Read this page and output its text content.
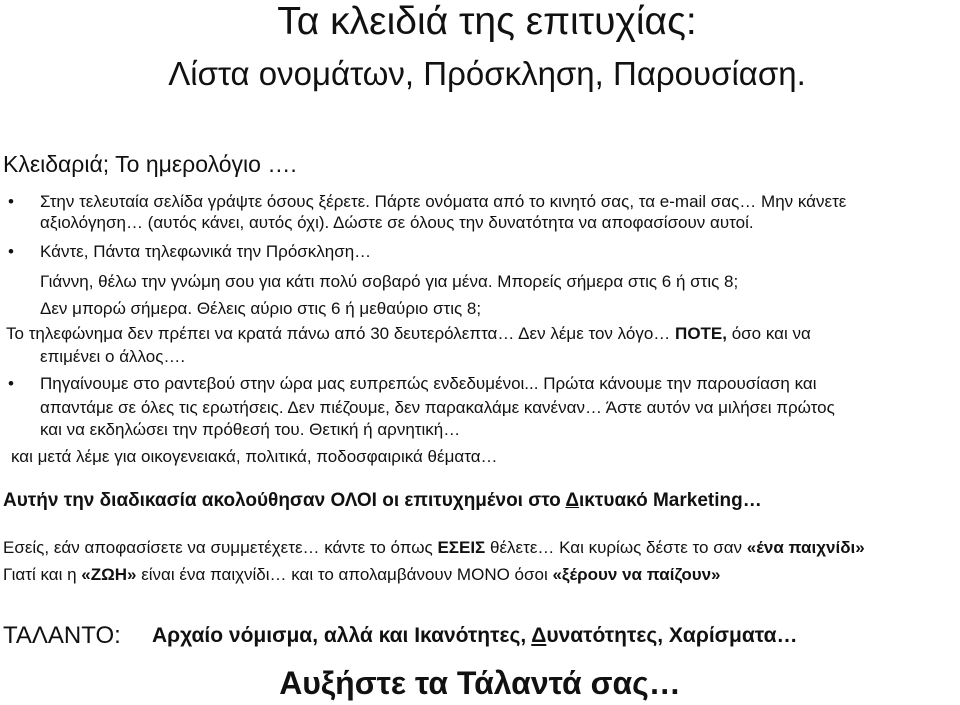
Τα κλειδιά της επιτυχίας:
Λίστα ονομάτων, Πρόσκληση, Παρουσίαση.
Κλειδαριά; Το ημερολόγιο ….
• Στην τελευταία σελίδα γράψτε όσους ξέρετε. Πάρτε ονόματα από το κινητό σας, τα e-mail σας… Μην κάνετε
αξιολόγηση… (αυτός κάνει, αυτός όχι). Δώστε σε όλους την δυνατότητα να αποφασίσουν αυτοί.
• Κάντε, Πάντα τηλεφωνικά την Πρόσκληση…
Γιάννη, θέλω την γνώμη σου για κάτι πολύ σοβαρό για μένα. Μπορείς σήμερα στις 6 ή στις 8;
Δεν μπορώ σήμερα. Θέλεις αύριο στις 6 ή μεθαύριο στις 8;
Το τηλεφώνημα δεν πρέπει να κρατά πάνω από 30 δευτερόλεπτα… Δεν λέμε τον λόγο… ΠΟΤΕ, όσο και να
επιμένει ο άλλος….
• Πηγαίνουμε στο ραντεβού στην ώρα μας ευπρεπώς ενδεδυμένοι... Πρώτα κάνουμε την παρουσίαση και
απαντάμε σε όλες τις ερωτήσεις. Δεν πιέζουμε, δεν παρακαλάμε κανέναν… Άστε αυτόν να μιλήσει πρώτος
και να εκδηλώσει την πρόθεσή του. Θετική ή αρνητική…
και μετά λέμε για οικογενειακά, πολιτικά, ποδοσφαιρικά θέματα…
Αυτήν την διαδικασία ακολούθησαν ΟΛΟΙ οι επιτυχημένοι στο Δικτυακό Marketing…
Εσείς, εάν αποφασίσετε να συμμετέχετε… κάντε το όπως ΕΣΕΙΣ θέλετε… Και κυρίως δέστε το σαν «ένα παιχνίδι»
Γιατί και η «ΖΩΗ» είναι ένα παιχνίδι… και το απολαμβάνουν ΜΟΝΟ όσοι «ξέρουν να παίζουν»
ΤΑΛΑΝΤΟ: Αρχαίο νόμισμα, αλλά και Ικανότητες, Δυνατότητες, Χαρίσματα…
Αυξήστε τα Τάλαντά σας…
